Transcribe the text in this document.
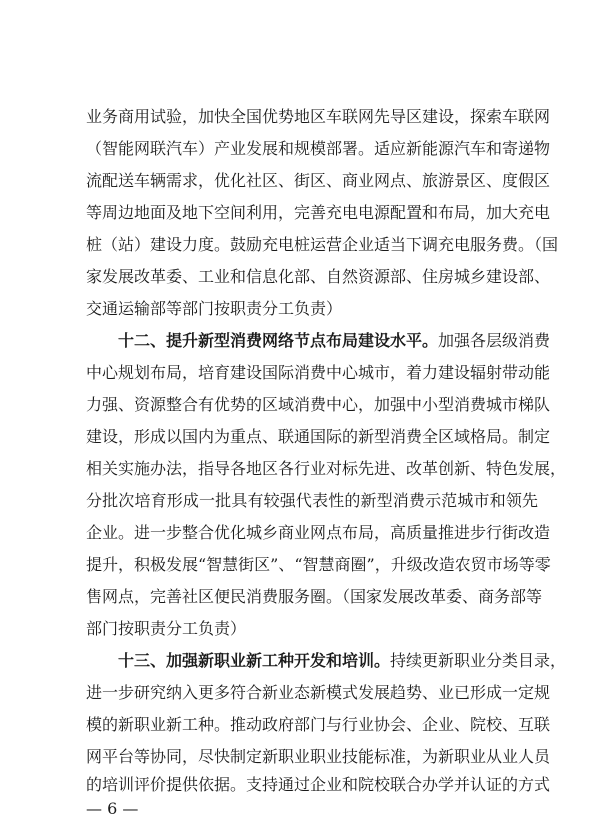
业务商用试验，加快全国优势地区车联网先导区建设，探索车联网
（智能网联汽车）产业发展和规模部署。适应新能源汽车和寄递物
流配送车辆需求，优化社区、街区、商业网点、旅游景区、度假区
等周边地面及地下空间利用，完善充电电源配置和布局，加大充电
桩（站）建设力度。鼓励充电桩运营企业适当下调充电服务费。（国
家发展改革委、工业和信息化部、自然资源部、住房城乡建设部、
交通运输部等部门按职责分工负责）
十二、提升新型消费网络节点布局建设水平。加强各层级消费
中心规划布局，培育建设国际消费中心城市，着力建设辐射带动能
力强、资源整合有优势的区域消费中心，加强中小型消费城市梯队
建设，形成以国内为重点、联通国际的新型消费全区域格局。制定
相关实施办法，指导各地区各行业对标先进、改革创新、特色发展，
分批次培育形成一批具有较强代表性的新型消费示范城市和领先
企业。进一步整合优化城乡商业网点布局，高质量推进步行街改造
提升，积极发展“智慧街区”、“智慧商圈”，升级改造农贸市场等零
售网点，完善社区便民消费服务圈。（国家发展改革委、商务部等
部门按职责分工负责）
十三、加强新职业新工种开发和培训。持续更新职业分类目录，
进一步研究纳入更多符合新业态新模式发展趋势、业已形成一定规
模的新职业新工种。推动政府部门与行业协会、企业、院校、互联
网平台等协同，尽快制定新职业职业技能标准，为新职业从业人员
的培训评价提供依据。支持通过企业和院校联合办学并认证的方式
— 6 —
